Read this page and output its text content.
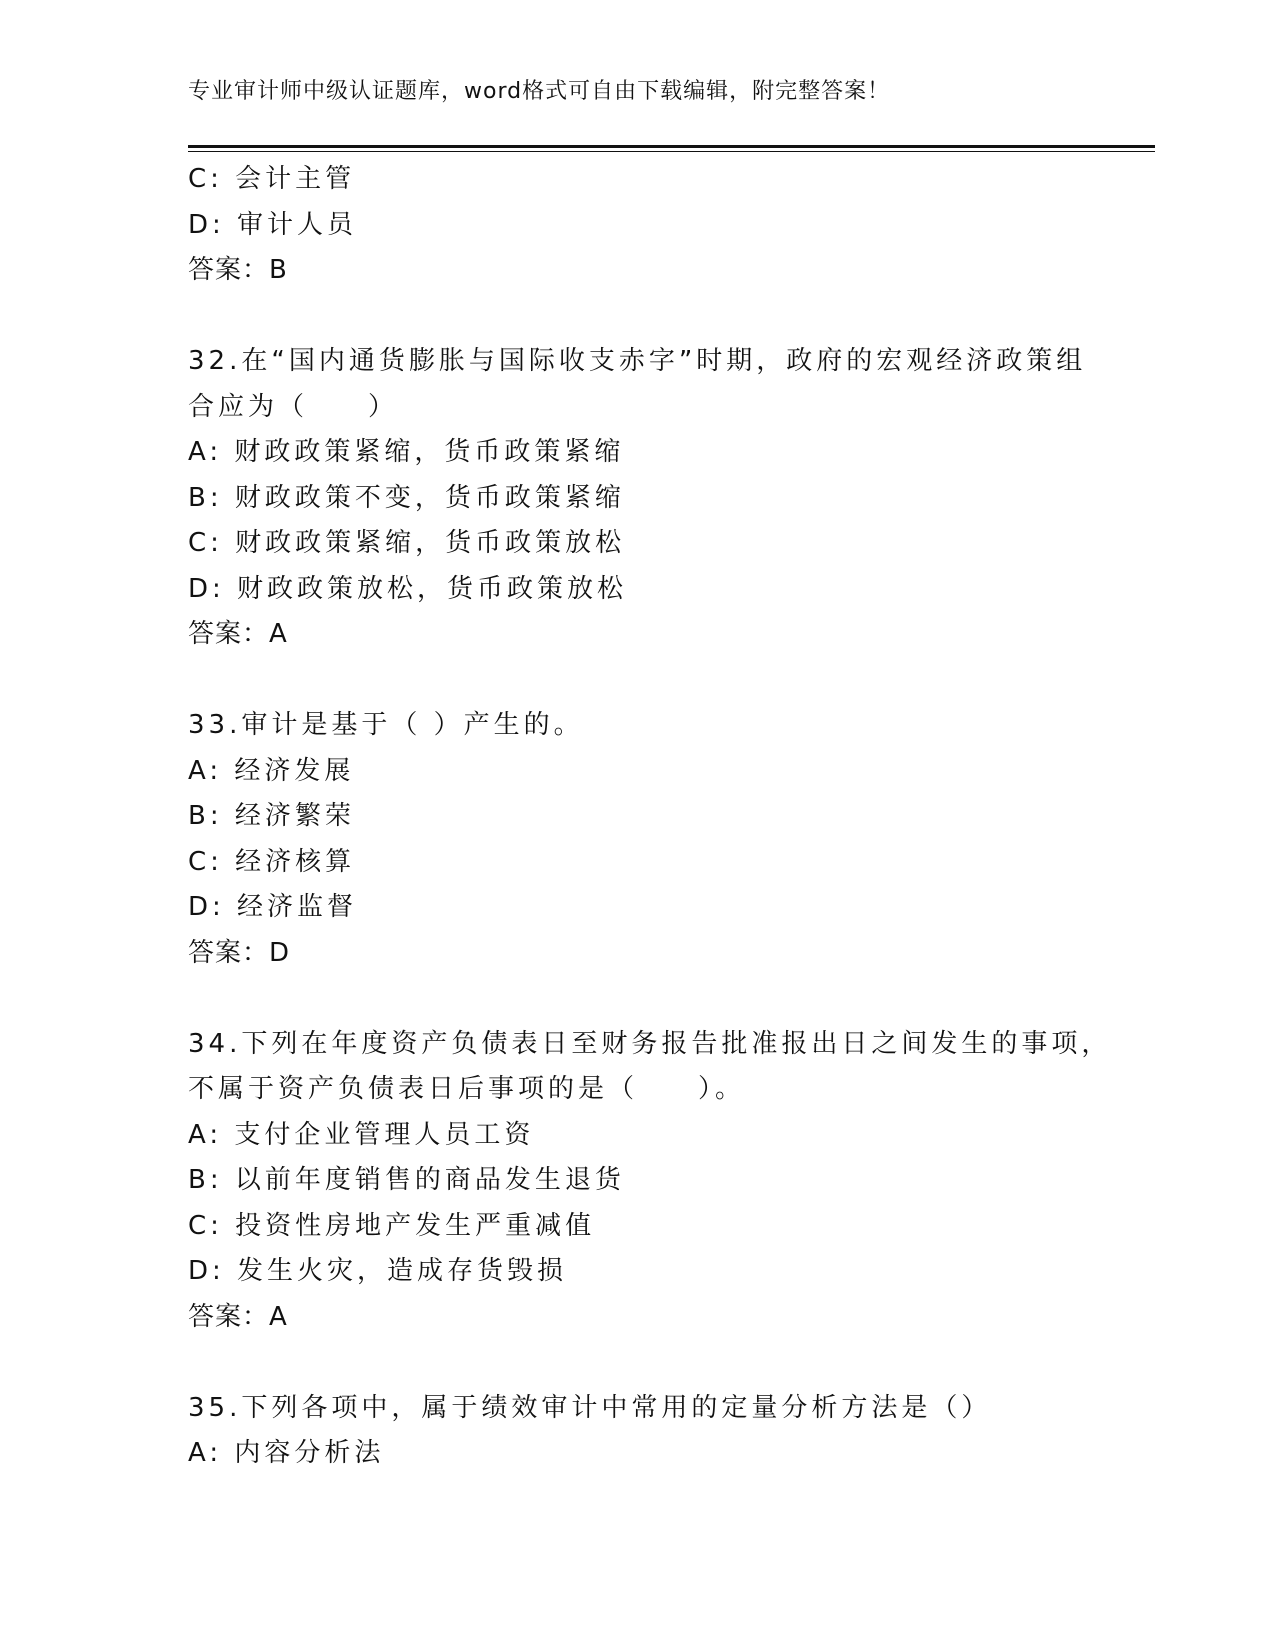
专业审计师中级认证题库，word格式可自由下载编辑，附完整答案！
C: 会计主管
D: 审计人员
答案：B
32.在“国内通货膨胀与国际收支赤字”时期，政府的宏观经济政策组
合应为（　　）
A: 财政政策紧缩，货币政策紧缩
B: 财政政策不变，货币政策紧缩
C: 财政政策紧缩，货币政策放松
D: 财政政策放松，货币政策放松
答案：A
33.审计是基于（ ）产生的。
A: 经济发展
B: 经济繁荣
C: 经济核算
D: 经济监督
答案：D
34.下列在年度资产负债表日至财务报告批准报出日之间发生的事项，
不属于资产负债表日后事项的是（　　）。
A: 支付企业管理人员工资
B: 以前年度销售的商品发生退货
C: 投资性房地产发生严重减值
D: 发生火灾，造成存货毁损
答案：A
35.下列各项中，属于绩效审计中常用的定量分析方法是（）
A: 内容分析法
